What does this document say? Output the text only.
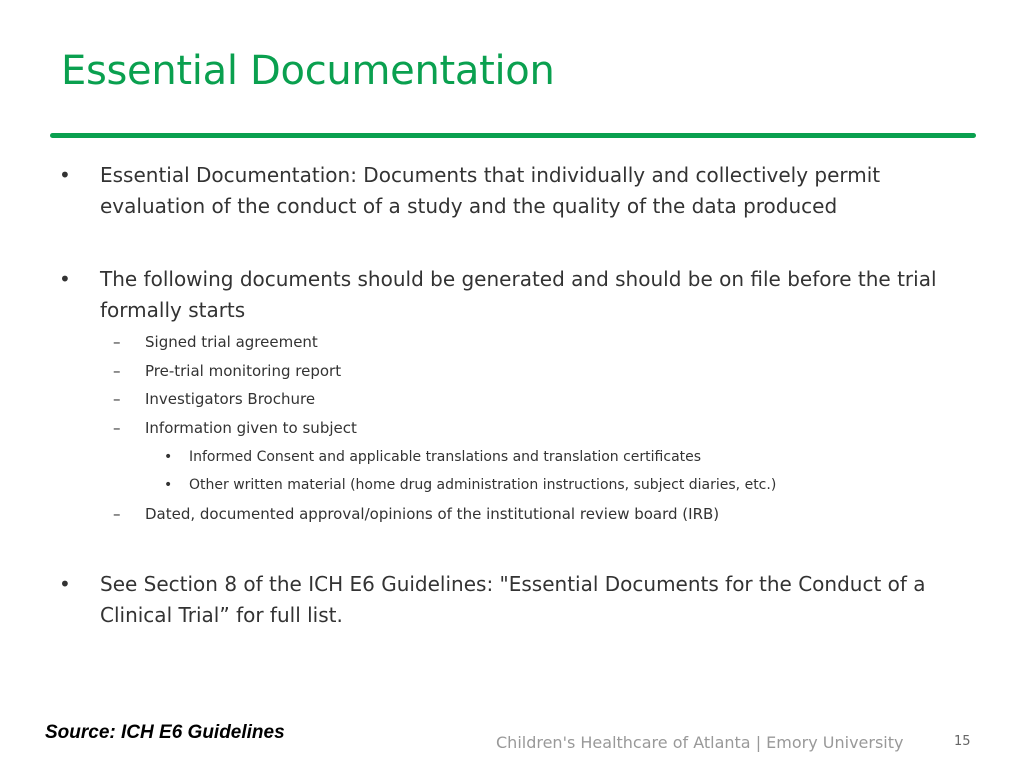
Essential Documentation
• Essential Documentation: Documents that individually and collectively permit evaluation of the conduct of a study and the quality of the data produced
• The following documents should be generated and should be on file before the trial formally starts
– Signed trial agreement
– Pre-trial monitoring report
– Investigators Brochure
– Information given to subject
• Informed Consent and applicable translations and translation certificates
• Other written material (home drug administration instructions, subject diaries, etc.)
– Dated, documented approval/opinions of the institutional review board (IRB)
• See Section 8 of the ICH E6 Guidelines: "Essential Documents for the Conduct of a Clinical Trial” for full list.
Source: ICH E6 Guidelines	Children's Healthcare of Atlanta | Emory University	15
